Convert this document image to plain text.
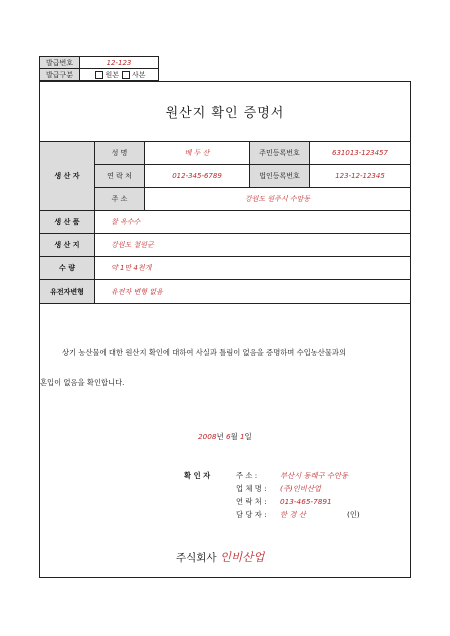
발급번호	12-123
발급구분	원본 사본
원산지 확인 증명서
생 산 자
성 명	배 두 산	주민등록번호	631013-123457
연 락 처	012-345-6789	법인등록번호	123-12-12345
주 소	강원도 원주시 수암동
생 산 품	찰 옥수수
생 산 지	강원도 철원군
수 량	약 1만 4천개
유전자변형	유전자 변형 없음
상기 농산물에 대한 원산지 확인에 대하여 사실과 틀림이 없음을 증명하며 수입농산물과의
혼입이 없음을 확인합니다.
2008년 6월 1일
확 인 자	주 소 :	부산시 동래구 수안동
업 체 명 : (주)인비산업
연 락 처 : 013-465-7891
담 당 자 : 한 경 산	(인)
주식회사 인비산업
